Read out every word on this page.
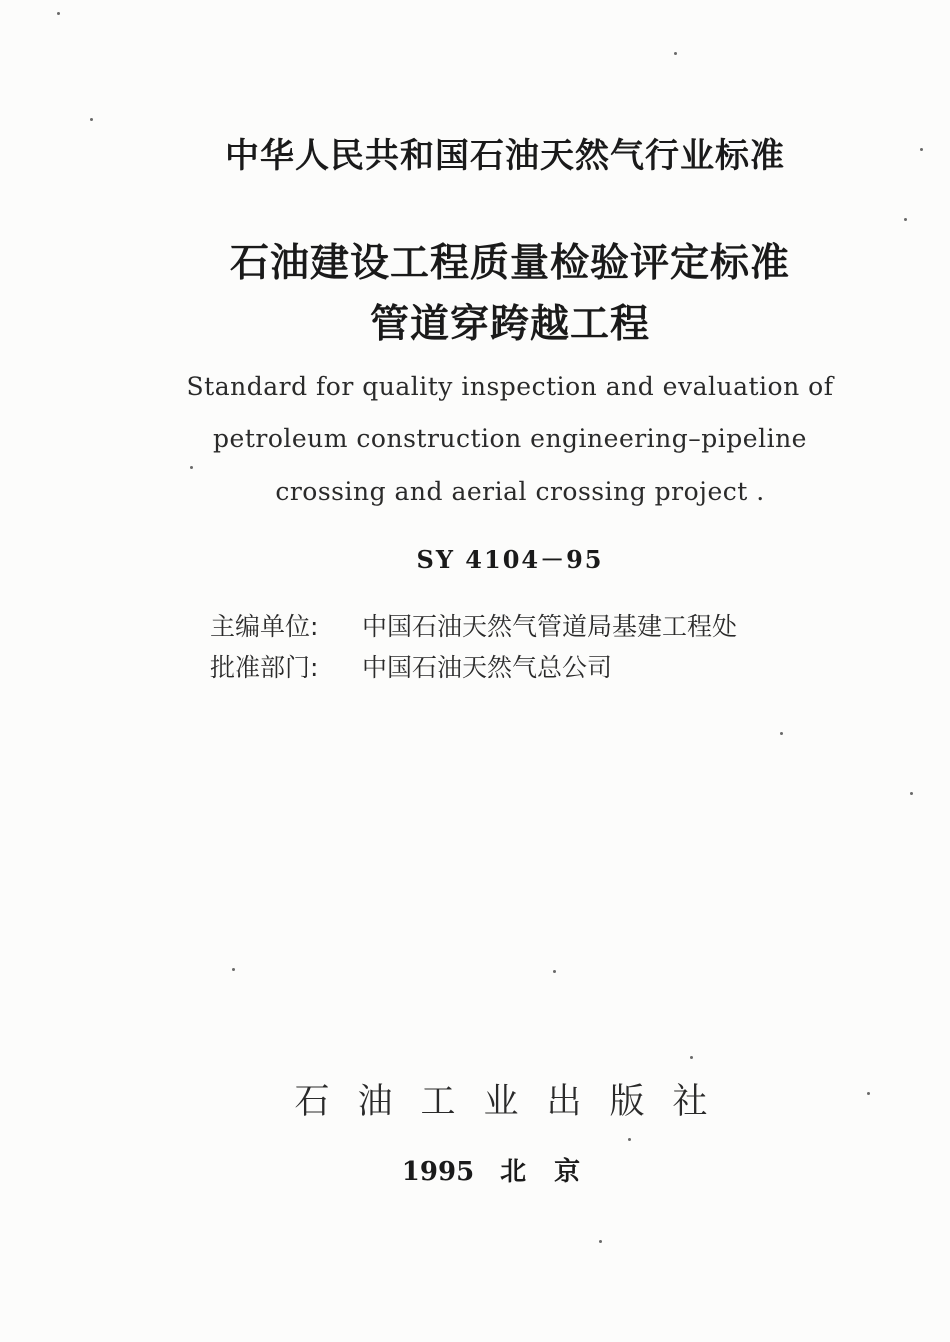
中华人民共和国石油天然气行业标准
石油建设工程质量检验评定标准
管道穿跨越工程
Standard for quality inspection and evaluation of
petroleum construction engineering–pipeline
crossing and aerial crossing project .
SY 4104－95
主编单位: 中国石油天然气管道局基建工程处
批准部门: 中国石油天然气总公司
石油工业出版社
1995 北京
